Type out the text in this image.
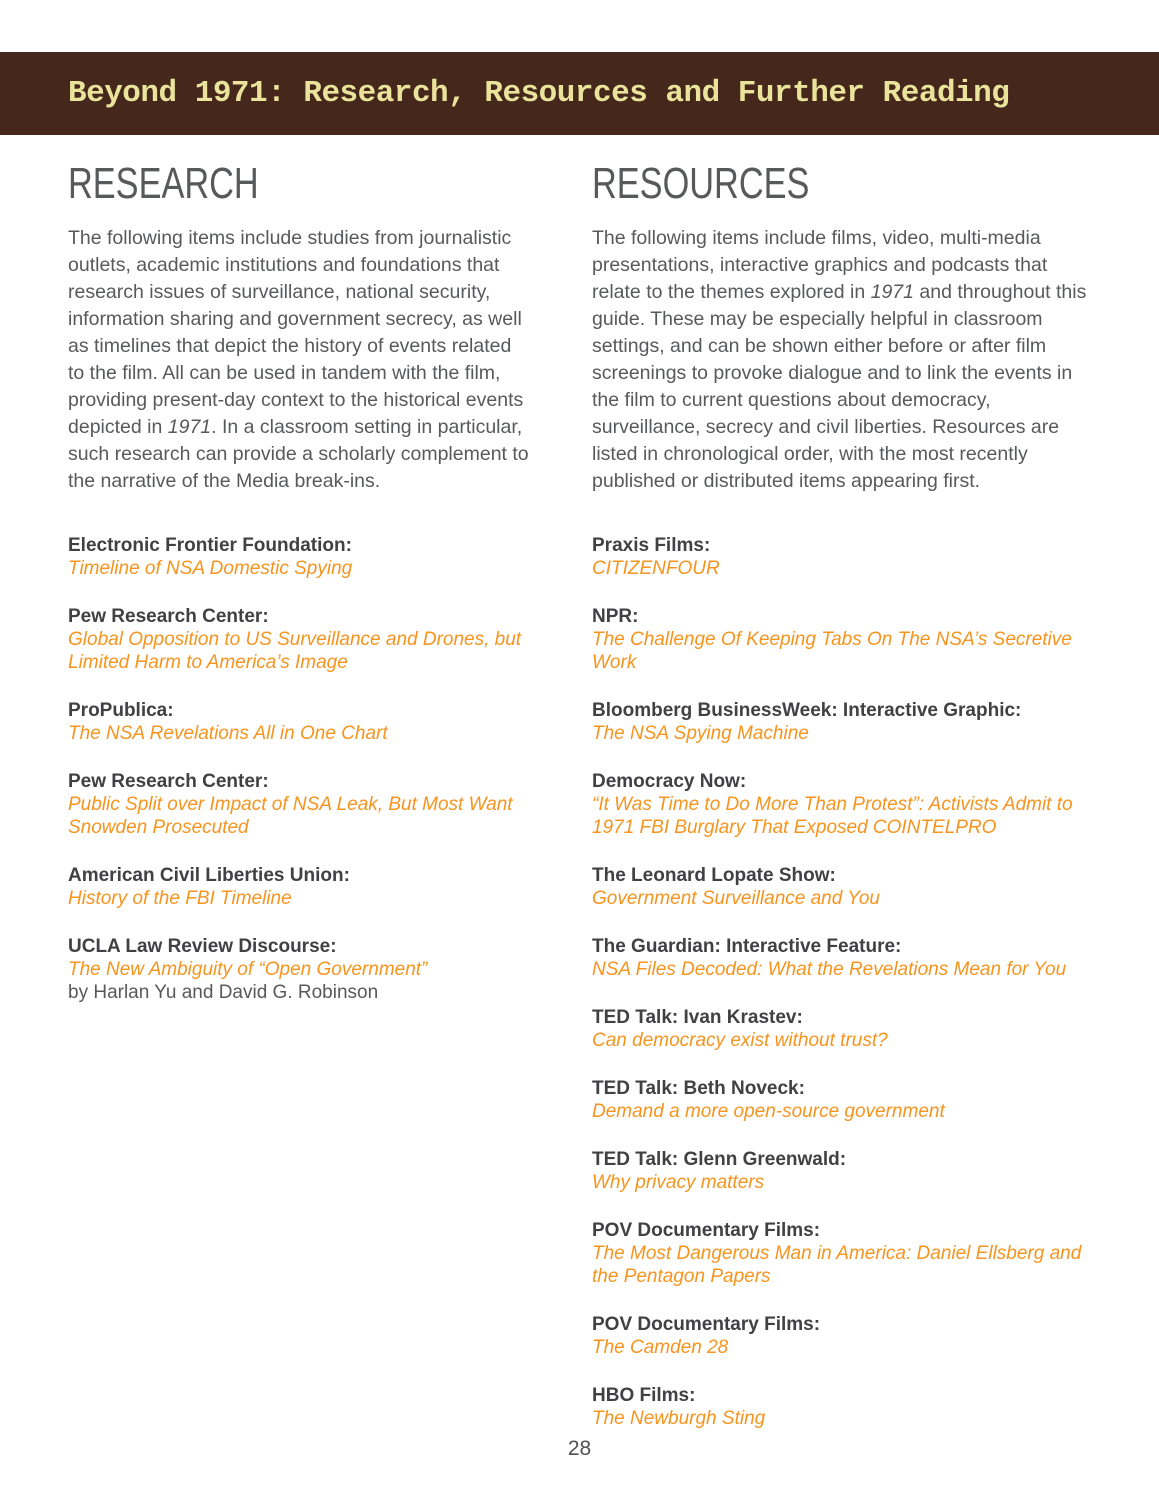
Beyond 1971: Research, Resources and Further Reading
RESEARCH

The following items include studies from journalistic outlets, academic institutions and foundations that research issues of surveillance, national security, information sharing and government secrecy, as well as timelines that depict the history of events related to the film. All can be used in tandem with the film, providing present-day context to the historical events depicted in 1971. In a classroom setting in particular, such research can provide a scholarly complement to the narrative of the Media break-ins.

Electronic Frontier Foundation:
Timeline of NSA Domestic Spying
Pew Research Center:
Global Opposition to US Surveillance and Drones, but Limited Harm to America’s Image
ProPublica:
The NSA Revelations All in One Chart
Pew Research Center:
Public Split over Impact of NSA Leak, But Most Want Snowden Prosecuted
American Civil Liberties Union:
History of the FBI Timeline
UCLA Law Review Discourse:
The New Ambiguity of “Open Government”
by Harlan Yu and David G. Robinson
RESOURCES

The following items include films, video, multi-media presentations, interactive graphics and podcasts that relate to the themes explored in 1971 and throughout this guide. These may be especially helpful in classroom settings, and can be shown either before or after film screenings to provoke dialogue and to link the events in the film to current questions about democracy, surveillance, secrecy and civil liberties. Resources are listed in chronological order, with the most recently published or distributed items appearing first.

Praxis Films:
CITIZENFOUR
NPR:
The Challenge Of Keeping Tabs On The NSA’s Secretive Work
Bloomberg BusinessWeek: Interactive Graphic:
The NSA Spying Machine
Democracy Now:
“It Was Time to Do More Than Protest”: Activists Admit to 1971 FBI Burglary That Exposed COINTELPRO
The Leonard Lopate Show:
Government Surveillance and You
The Guardian: Interactive Feature:
NSA Files Decoded: What the Revelations Mean for You
TED Talk: Ivan Krastev:
Can democracy exist without trust?
TED Talk: Beth Noveck:
Demand a more open-source government
TED Talk: Glenn Greenwald:
Why privacy matters
POV Documentary Films:
The Most Dangerous Man in America: Daniel Ellsberg and the Pentagon Papers
POV Documentary Films:
The Camden 28
HBO Films:
The Newburgh Sting
28
